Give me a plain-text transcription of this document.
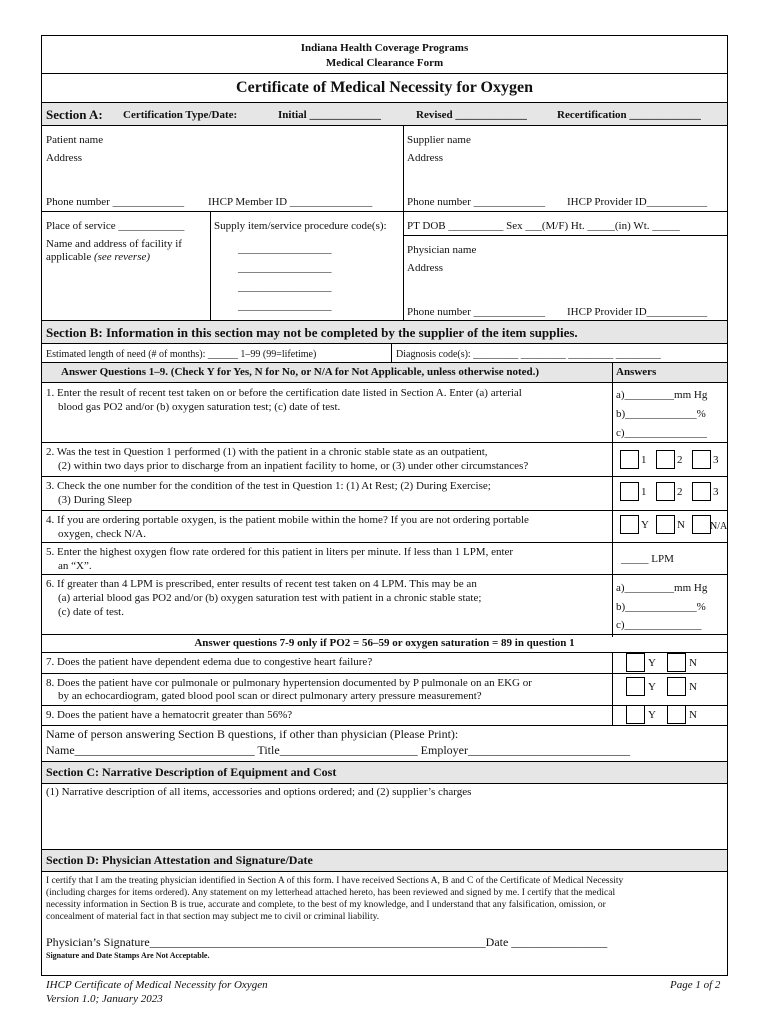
Indiana Health Coverage Programs
Medical Clearance Form
Certificate of Medical Necessity for Oxygen
Section A: Certification Type/Date:	Initial _____________	Revised _____________	Recertification _____________
Patient name
Address
Supplier name
Address
Phone number _____________ IHCP Member ID _______________	Phone number _____________ IHCP Provider ID___________
Place of service ____________
Name and address of facility if
applicable (see reverse)
Supply item/service procedure code(s):
_________________
_________________
_________________
_________________
PT DOB __________ Sex ___(M/F) Ht. _____(in) Wt. _____
Physician name
Address
Phone number _____________ IHCP Provider ID___________
Section B: Information in this section may not be completed by the supplier of the item supplies.
Estimated length of need (# of months): ______ 1–99 (99=lifetime)	Diagnosis code(s): _________ _________ _________ _________
Answer Questions 1–9. (Check Y for Yes, N for No, or N/A for Not Applicable, unless otherwise noted.)	Answers
1. Enter the result of recent test taken on or before the certification date listed in Section A. Enter (a) arterial
blood gas PO2 and/or (b) oxygen saturation test; (c) date of test.
a)_________mm Hg
b)_____________%
c)_______________
2. Was the test in Question 1 performed (1) with the patient in a chronic stable state as an outpatient,
(2) within two days prior to discharge from an inpatient facility to home, or (3) under other circumstances?	1	2	3
3. Check the one number for the condition of the test in Question 1: (1) At Rest; (2) During Exercise;
(3) During Sleep
1	2	3
4. If you are ordering portable oxygen, is the patient mobile within the home? If you are not ordering portable
oxygen, check N/A.
Y	N	N/A
5. Enter the highest oxygen flow rate ordered for this patient in liters per minute. If less than 1 LPM, enter
an “X”.
_____ LPM
6. If greater than 4 LPM is prescribed, enter results of recent test taken on 4 LPM. This may be an
(a) arterial blood gas PO2 and/or (b) oxygen saturation test with patient in a chronic stable state;
(c) date of test.
a)_________mm Hg
b)_____________%
c)______________
Answer questions 7-9 only if PO2 = 56–59 or oxygen saturation = 89 in question 1
7. Does the patient have dependent edema due to congestive heart failure?	Y	N
8. Does the patient have cor pulmonale or pulmonary hypertension documented by P pulmonale on an EKG or
by an echocardiogram, gated blood pool scan or direct pulmonary artery pressure measurement?
Y	N
9. Does the patient have a hematocrit greater than 56%?	Y	N
Name of person answering Section B questions, if other than physician (Please Print):
Name______________________________ Title_______________________ Employer___________________________
Section C: Narrative Description of Equipment and Cost
(1) Narrative description of all items, accessories and options ordered; and (2) supplier’s charges
Section D: Physician Attestation and Signature/Date
I certify that I am the treating physician identified in Section A of this form. I have received Sections A, B and C of the Certificate of Medical Necessity
(including charges for items ordered). Any statement on my letterhead attached hereto, has been reviewed and signed by me. I certify that the medical
necessity information in Section B is true, accurate and complete, to the best of my knowledge, and I understand that any falsification, omission, or
concealment of material fact in that section may subject me to civil or criminal liability.
Physician’s Signature________________________________________________________Date ________________
Signature and Date Stamps Are Not Acceptable.
IHCP Certificate of Medical Necessity for Oxygen
Version 1.0; January 2023
Page 1 of 2
